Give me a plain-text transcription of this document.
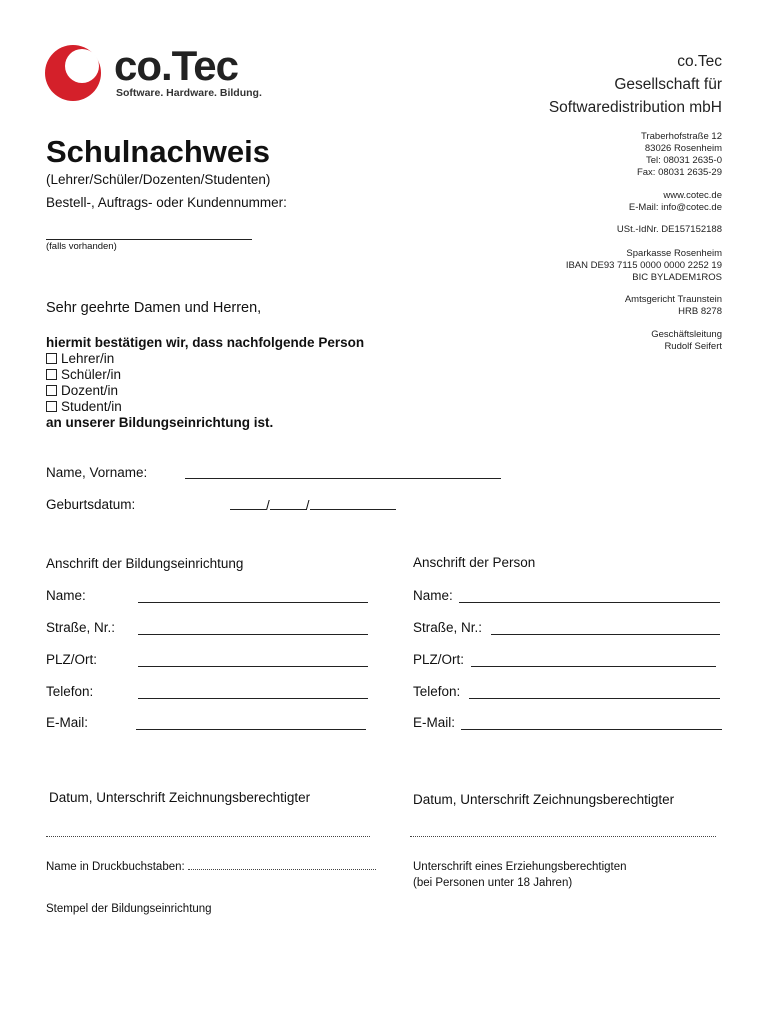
co.Tec
Software. Hardware. Bildung.
co.Tec
Gesellschaft für
Softwaredistribution mbH
Traberhofstraße 12
83026 Rosenheim
Tel: 08031 2635-0
Fax: 08031 2635-29
www.cotec.de
E-Mail: info@cotec.de
USt.-IdNr. DE157152188
Sparkasse Rosenheim
IBAN DE93 7115 0000 0000 2252 19
BIC BYLADEM1ROS
Amtsgericht Traunstein
HRB 8278
Geschäftsleitung
Rudolf Seifert
Schulnachweis
(Lehrer/Schüler/Dozenten/Studenten)
Bestell-, Auftrags- oder Kundennummer:
(falls vorhanden)
Sehr geehrte Damen und Herren,
hiermit bestätigen wir, dass nachfolgende Person
Lehrer/in
Schüler/in
Dozent/in
Student/in
an unserer Bildungseinrichtung ist.
Name, Vorname:
Geburtsdatum:	/	/
Anschrift der Bildungseinrichtung
Name:
Straße, Nr.:
PLZ/Ort:
Telefon:
E-Mail:
Anschrift der Person
Name:
Straße, Nr.:
PLZ/Ort:
Telefon:
E-Mail:
Datum, Unterschrift Zeichnungsberechtigter	Datum, Unterschrift Zeichnungsberechtigter
Name in Druckbuchstaben:	Unterschrift eines Erziehungsberechtigten
(bei Personen unter 18 Jahren)
Stempel der Bildungseinrichtung
